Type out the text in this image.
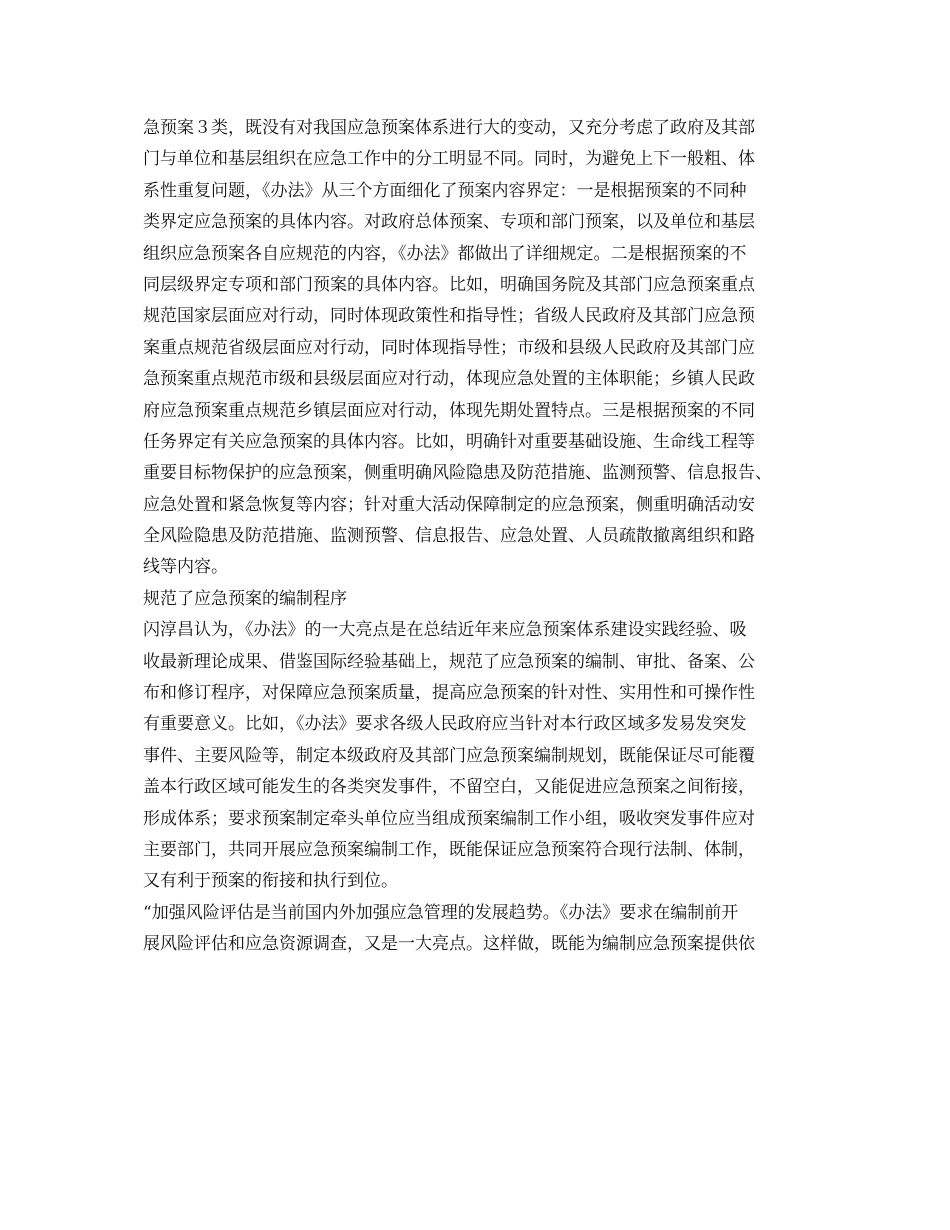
急预案３类，既没有对我国应急预案体系进行大的变动，又充分考虑了政府及其部
门与单位和基层组织在应急工作中的分工明显不同。同时，为避免上下一般粗、体
系性重复问题，《办法》从三个方面细化了预案内容界定：一是根据预案的不同种
类界定应急预案的具体内容。对政府总体预案、专项和部门预案，以及单位和基层
组织应急预案各自应规范的内容，《办法》都做出了详细规定。二是根据预案的不
同层级界定专项和部门预案的具体内容。比如，明确国务院及其部门应急预案重点
规范国家层面应对行动，同时体现政策性和指导性；省级人民政府及其部门应急预
案重点规范省级层面应对行动，同时体现指导性；市级和县级人民政府及其部门应
急预案重点规范市级和县级层面应对行动，体现应急处置的主体职能；乡镇人民政
府应急预案重点规范乡镇层面应对行动，体现先期处置特点。三是根据预案的不同
任务界定有关应急预案的具体内容。比如，明确针对重要基础设施、生命线工程等
重要目标物保护的应急预案，侧重明确风险隐患及防范措施、监测预警、信息报告、
应急处置和紧急恢复等内容；针对重大活动保障制定的应急预案，侧重明确活动安
全风险隐患及防范措施、监测预警、信息报告、应急处置、人员疏散撤离组织和路
线等内容。
规范了应急预案的编制程序
闪淳昌认为，《办法》的一大亮点是在总结近年来应急预案体系建设实践经验、吸
收最新理论成果、借鉴国际经验基础上，规范了应急预案的编制、审批、备案、公
布和修订程序，对保障应急预案质量，提高应急预案的针对性、实用性和可操作性
有重要意义。比如，《办法》要求各级人民政府应当针对本行政区域多发易发突发
事件、主要风险等，制定本级政府及其部门应急预案编制规划，既能保证尽可能覆
盖本行政区域可能发生的各类突发事件，不留空白，又能促进应急预案之间衔接，
形成体系；要求预案制定牵头单位应当组成预案编制工作小组，吸收突发事件应对
主要部门，共同开展应急预案编制工作，既能保证应急预案符合现行法制、体制，
又有利于预案的衔接和执行到位。
“加强风险评估是当前国内外加强应急管理的发展趋势。《办法》要求在编制前开
展风险评估和应急资源调查，又是一大亮点。这样做，既能为编制应急预案提供依
